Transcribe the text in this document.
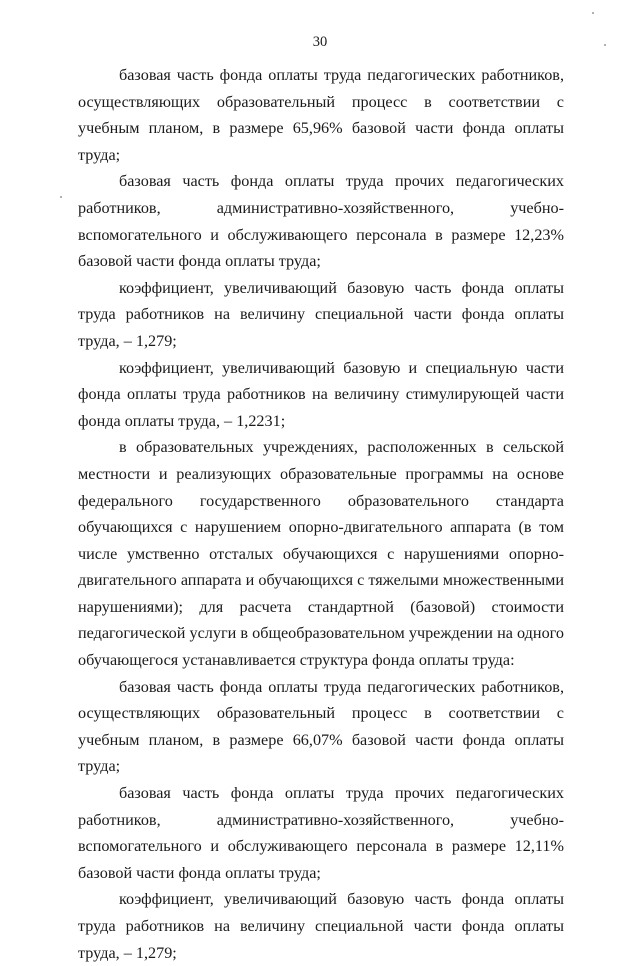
30

базовая часть фонда оплаты труда педагогических работников, осуществляющих образовательный процесс в соответствии с учебным планом, в размере 65,96% базовой части фонда оплаты труда;

базовая часть фонда оплаты труда прочих педагогических работников, административно-хозяйственного, учебно-вспомогательного и обслуживающего персонала в размере 12,23% базовой части фонда оплаты труда;

коэффициент, увеличивающий базовую часть фонда оплаты труда работников на величину специальной части фонда оплаты труда, – 1,279;

коэффициент, увеличивающий базовую и специальную части фонда оплаты труда работников на величину стимулирующей части фонда оплаты труда, – 1,2231;

в образовательных учреждениях, расположенных в сельской местности и реализующих образовательные программы на основе федерального государственного образовательного стандарта обучающихся с нарушением опорно-двигательного аппарата (в том числе умственно отсталых обучающихся с нарушениями опорно-двигательного аппарата и обучающихся с тяжелыми множественными нарушениями); для расчета стандартной (базовой) стоимости педагогической услуги в общеобразовательном учреждении на одного обучающегося устанавливается структура фонда оплаты труда:

базовая часть фонда оплаты труда педагогических работников, осуществляющих образовательный процесс в соответствии с учебным планом, в размере 66,07% базовой части фонда оплаты труда;

базовая часть фонда оплаты труда прочих педагогических работников, административно-хозяйственного, учебно-вспомогательного и обслуживающего персонала в размере 12,11% базовой части фонда оплаты труда;

коэффициент, увеличивающий базовую часть фонда оплаты труда работников на величину специальной части фонда оплаты труда, – 1,279;
